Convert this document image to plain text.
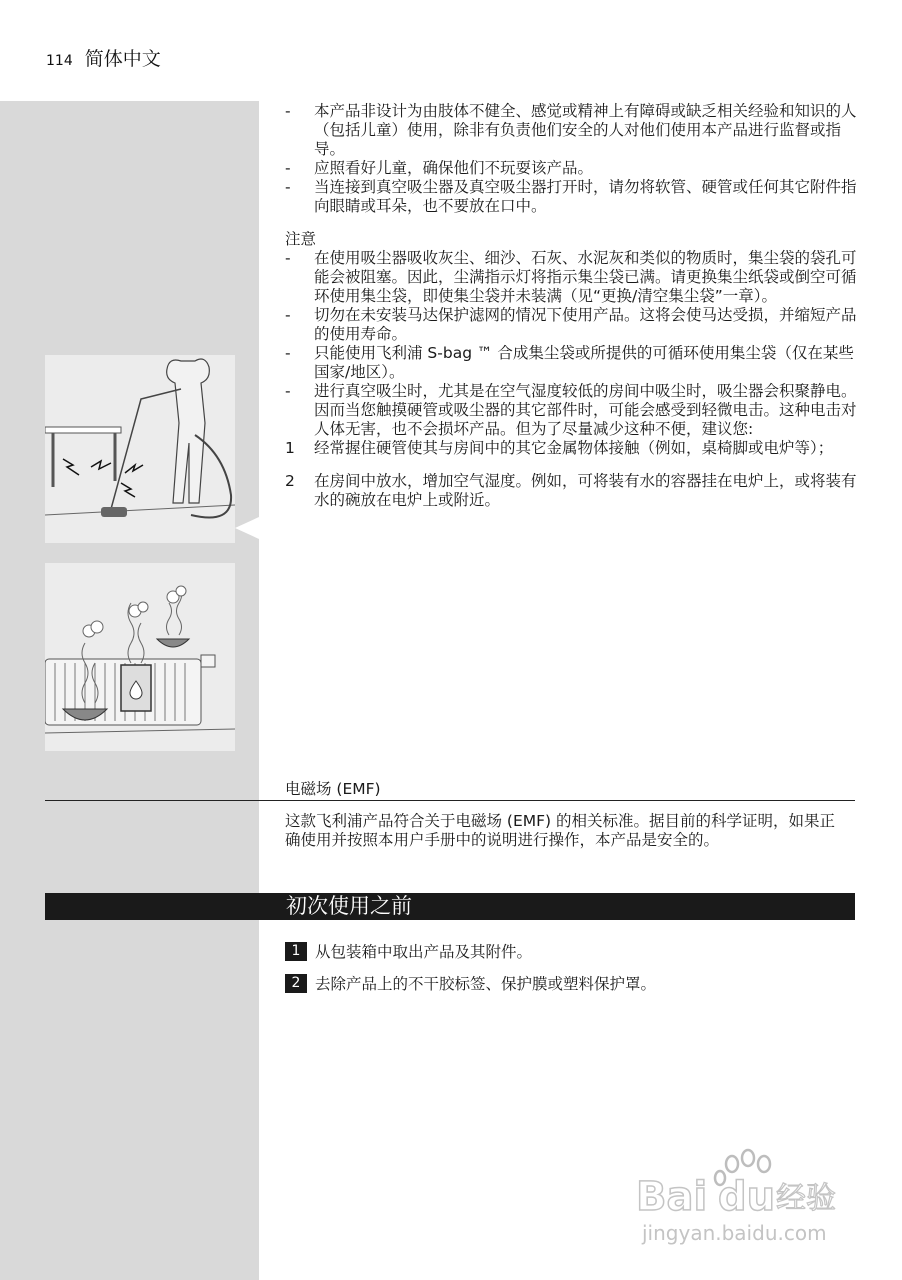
114 简体中文
-	本产品非设计为由肢体不健全、感觉或精神上有障碍或缺乏相关经验和知识的人（包括儿童）使用，除非有负责他们安全的人对他们使用本产品进行监督或指导。
-	应照看好儿童，确保他们不玩耍该产品。
-	当连接到真空吸尘器及真空吸尘器打开时，请勿将软管、硬管或任何其它附件指向眼睛或耳朵，也不要放在口中。
注意
-	在使用吸尘器吸收灰尘、细沙、石灰、水泥灰和类似的物质时，集尘袋的袋孔可能会被阻塞。因此，尘满指示灯将指示集尘袋已满。请更换集尘纸袋或倒空可循环使用集尘袋，即使集尘袋并未装满（见“更换/清空集尘袋”一章）。
-	切勿在未安装马达保护滤网的情况下使用产品。这将会使马达受损，并缩短产品的使用寿命。
-	只能使用飞利浦 S-bag ™ 合成集尘袋或所提供的可循环使用集尘袋（仅在某些国家/地区）。
-	进行真空吸尘时，尤其是在空气湿度较低的房间中吸尘时，吸尘器会积聚静电。因而当您触摸硬管或吸尘器的其它部件时，可能会感受到轻微电击。这种电击对人体无害，也不会损坏产品。但为了尽量减少这种不便，建议您:
1	经常握住硬管使其与房间中的其它金属物体接触（例如，桌椅脚或电炉等）；
2	在房间中放水，增加空气湿度。例如，可将装有水的容器挂在电炉上，或将装有水的碗放在电炉上或附近。
电磁场 (EMF)
这款飞利浦产品符合关于电磁场 (EMF) 的相关标准。据目前的科学证明，如果正确使用并按照本用户手册中的说明进行操作，本产品是安全的。
初次使用之前
1 从包装箱中取出产品及其附件。
2 去除产品上的不干胶标签、保护膜或塑料保护罩。
Bai du 经验
jingyan.baidu.com
